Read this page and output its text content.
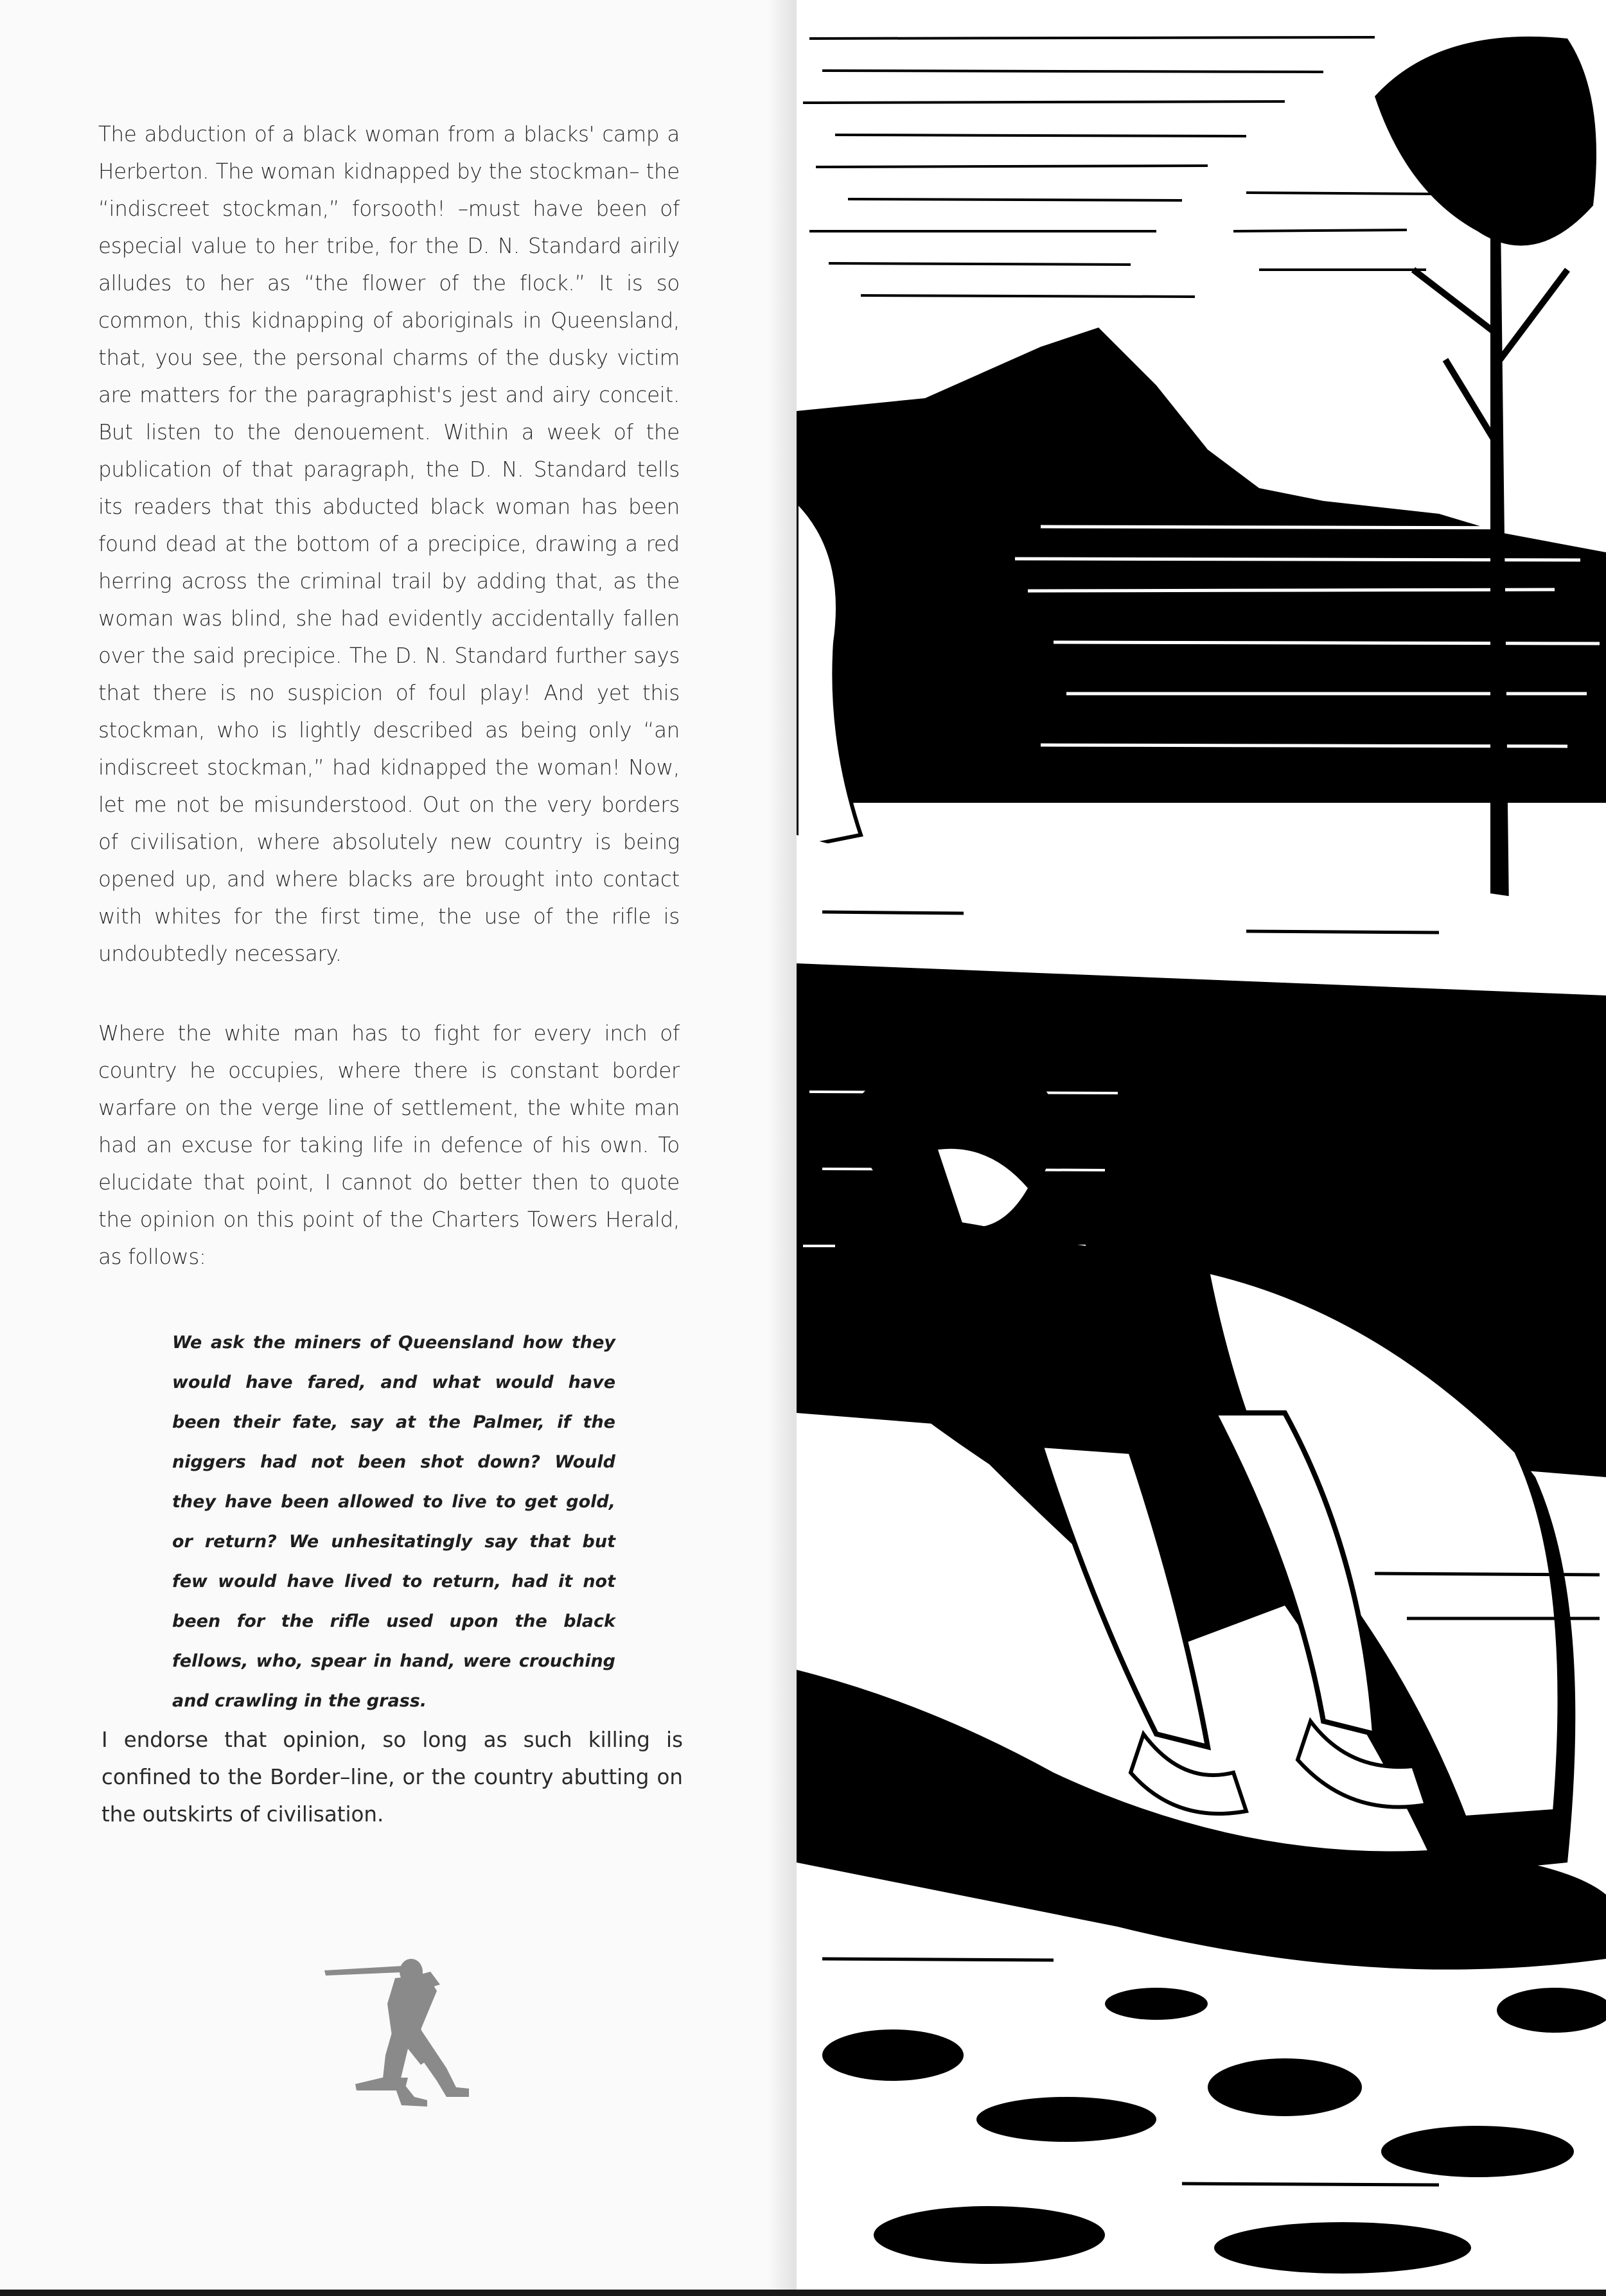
The abduction of a black woman from a blacks' camp a Herberton. The woman kidnapped by the stockman– the “indiscreet stockman,” forsooth! –must have been of especial value to her tribe, for the D. N. Standard airily alludes to her as “the flower of the flock.” It is so common, this kidnapping of aboriginals in Queensland, that, you see, the personal charms of the dusky victim are matters for the paragraphist's jest and airy conceit. But listen to the denouement. Within a week of the publication of that paragraph, the D. N. Standard tells its readers that this abducted black woman has been found dead at the bottom of a precipice, drawing a red herring across the criminal trail by adding that, as the woman was blind, she had evidently accidentally fallen over the said precipice. The D. N. Standard further says that there is no suspicion of foul play! And yet this stockman, who is lightly described as being only “an indiscreet stockman,” had kidnapped the woman! Now, let me not be misunderstood. Out on the very borders of civilisation, where absolutely new country is being opened up, and where blacks are brought into contact with whites for the first time, the use of the rifle is undoubtedly necessary.

Where the white man has to fight for every inch of country he occupies, where there is constant border warfare on the verge line of settlement, the white man had an excuse for taking life in defence of his own. To elucidate that point, I cannot do better then to quote the opinion on this point of the Charters Towers Herald, as follows:

We ask the miners of Queensland how they would have fared, and what would have been their fate, say at the Palmer, if the niggers had not been shot down? Would they have been allowed to live to get gold, or return? We unhesitatingly say that but few would have lived to return, had it not been for the rifle used upon the black fellows, who, spear in hand, were crouching and crawling in the grass.

I endorse that opinion, so long as such killing is confined to the Border–line, or the country abutting on the outskirts of civilisation.
